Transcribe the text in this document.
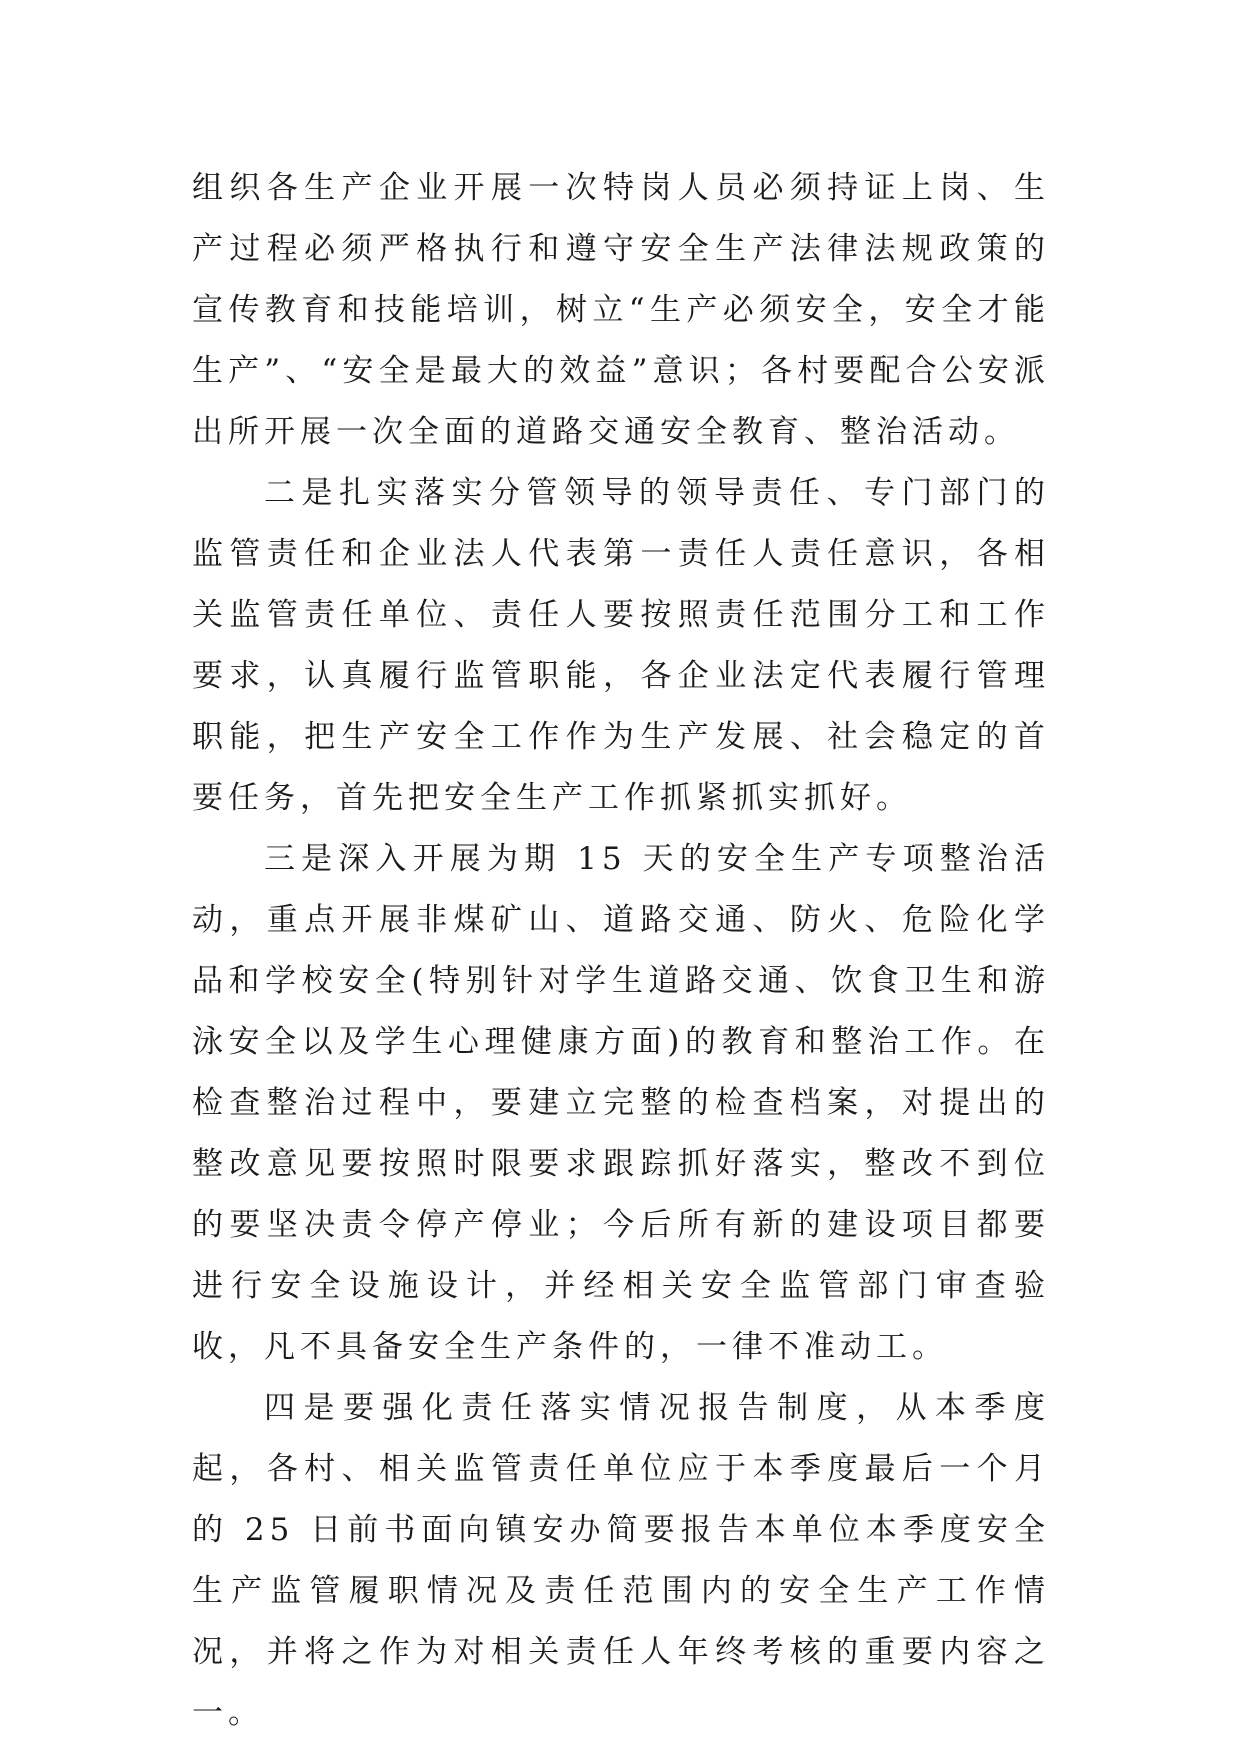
组织各生产企业开展一次特岗人员必须持证上岗、生产过程必须严格执行和遵守安全生产法律法规政策的宣传教育和技能培训，树立“生产必须安全，安全才能生产”、“安全是最大的效益”意识；各村要配合公安派出所开展一次全面的道路交通安全教育、整治活动。

二是扎实落实分管领导的领导责任、专门部门的监管责任和企业法人代表第一责任人责任意识，各相关监管责任单位、责任人要按照责任范围分工和工作要求，认真履行监管职能，各企业法定代表履行管理职能，把生产安全工作作为生产发展、社会稳定的首要任务，首先把安全生产工作抓紧抓实抓好。

三是深入开展为期 15 天的安全生产专项整治活动，重点开展非煤矿山、道路交通、防火、危险化学品和学校安全(特别针对学生道路交通、饮食卫生和游泳安全以及学生心理健康方面)的教育和整治工作。在检查整治过程中，要建立完整的检查档案，对提出的整改意见要按照时限要求跟踪抓好落实，整改不到位的要坚决责令停产停业；今后所有新的建设项目都要进行安全设施设计，并经相关安全监管部门审查验收，凡不具备安全生产条件的，一律不准动工。

四是要强化责任落实情况报告制度，从本季度起，各村、相关监管责任单位应于本季度最后一个月的 25 日前书面向镇安办简要报告本单位本季度安全生产监管履职情况及责任范围内的安全生产工作情况，并将之作为对相关责任人年终考核的重要内容之一。
